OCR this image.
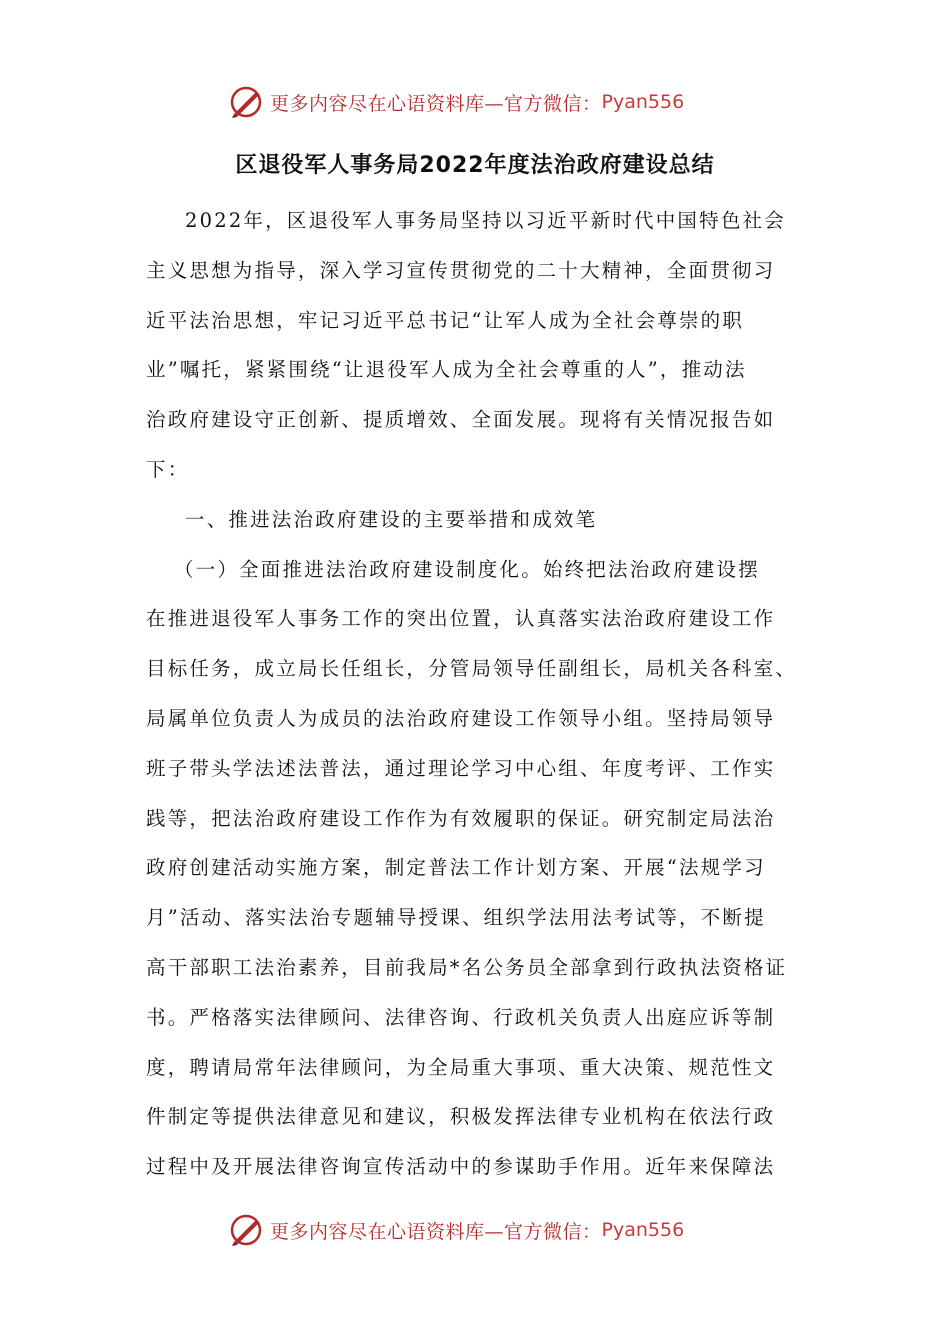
更多内容尽在心语资料库—官方微信： Pyan556
区退役军人事务局2022年度法治政府建设总结
2022年，区退役军人事务局坚持以习近平新时代中国特色社会
主义思想为指导，深入学习宣传贯彻党的二十大精神，全面贯彻习
近平法治思想，牢记习近平总书记“让军人成为全社会尊崇的职
业”嘱托，紧紧围绕“让退役军人成为全社会尊重的人”，推动法
治政府建设守正创新、提质增效、全面发展。现将有关情况报告如
下：
一、推进法治政府建设的主要举措和成效笔
（一）全面推进法治政府建设制度化。始终把法治政府建设摆
在推进退役军人事务工作的突出位置，认真落实法治政府建设工作
目标任务，成立局长任组长，分管局领导任副组长，局机关各科室、
局属单位负责人为成员的法治政府建设工作领导小组。坚持局领导
班子带头学法述法普法，通过理论学习中心组、年度考评、工作实
践等，把法治政府建设工作作为有效履职的保证。研究制定局法治
政府创建活动实施方案，制定普法工作计划方案、开展“法规学习
月”活动、落实法治专题辅导授课、组织学法用法考试等，不断提
高干部职工法治素养，目前我局*名公务员全部拿到行政执法资格证
书。严格落实法律顾问、法律咨询、行政机关负责人出庭应诉等制
度，聘请局常年法律顾问，为全局重大事项、重大决策、规范性文
件制定等提供法律意见和建议，积极发挥法律专业机构在依法行政
过程中及开展法律咨询宣传活动中的参谋助手作用。近年来保障法
更多内容尽在心语资料库—官方微信： Pyan556
